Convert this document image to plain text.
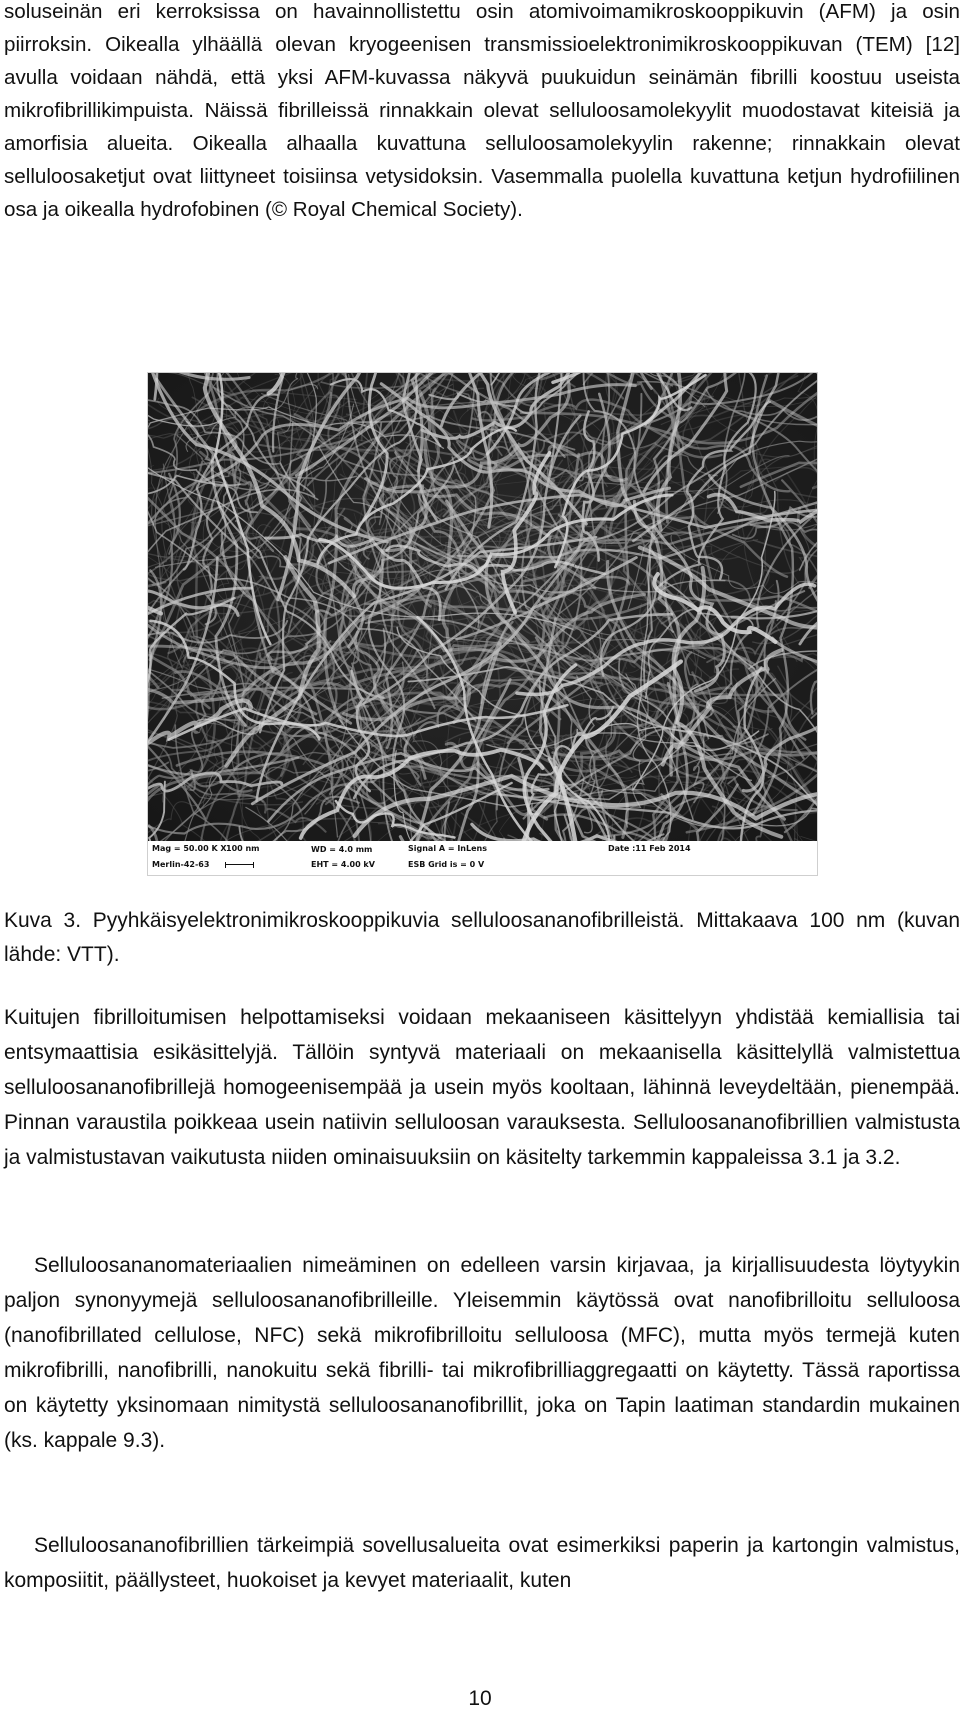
soluseinän eri kerroksissa on havainnollistettu osin atomivoimamikroskooppikuvin (AFM) ja osin piirroksin. Oikealla ylhäällä olevan kryogeenisen transmissioelektronimikroskooppikuvan (TEM) [12] avulla voidaan nähdä, että yksi AFM-kuvassa näkyvä puukuidun seinämän fibrilli koostuu useista mikrofibrillikimpuista. Näissä fibrilleissä rinnakkain olevat selluloosamolekyylit muodostavat kiteisiä ja amorfisia alueita. Oikealla alhaalla kuvattuna selluloosamolekyylin rakenne; rinnakkain olevat selluloosaketjut ovat liittyneet toisiinsa vetysidoksin. Vasemmalla puolella kuvattuna ketjun hydrofiilinen osa ja oikealla hydrofobinen (© Royal Chemical Society).

Mag = 50.00 K X 100 nm
Merlin-42-63
WD = 4.0 mm
EHT = 4.00 kV
Signal A = InLens
ESB Grid is = 0 V
Date :11 Feb 2014

Kuva 3. Pyyhkäisyelektronimikroskooppikuvia selluloosananofibrilleistä. Mittakaava 100 nm (kuvan lähde: VTT).

Kuitujen fibrilloitumisen helpottamiseksi voidaan mekaaniseen käsittelyyn yhdistää kemiallisia tai entsymaattisia esikäsittelyjä. Tällöin syntyvä materiaali on mekaanisella käsittelyllä valmistettua selluloosananofibrillejä homogeenisempää ja usein myös kooltaan, lähinnä leveydeltään, pienempää. Pinnan varaustila poikkeaa usein natiivin selluloosan varauksesta. Selluloosananofibrillien valmistusta ja valmistustavan vaikutusta niiden ominaisuuksiin on käsitelty tarkemmin kappaleissa 3.1 ja 3.2.

Selluloosananomateriaalien nimeäminen on edelleen varsin kirjavaa, ja kirjallisuudesta löytyykin paljon synonyymejä selluloosananofibrilleille. Yleisemmin käytössä ovat nanofibrilloitu selluloosa (nanofibrillated cellulose, NFC) sekä mikrofibrilloitu selluloosa (MFC), mutta myös termejä kuten mikrofibrilli, nanofibrilli, nanokuitu sekä fibrilli- tai mikrofibrilliaggregaatti on käytetty. Tässä raportissa on käytetty yksinomaan nimitystä selluloosananofibrillit, joka on Tapin laatiman standardin mukainen (ks. kappale 9.3).

Selluloosananofibrillien tärkeimpiä sovellusalueita ovat esimerkiksi paperin ja kartongin valmistus, komposiitit, päällysteet, huokoiset ja kevyet materiaalit, kuten

10
